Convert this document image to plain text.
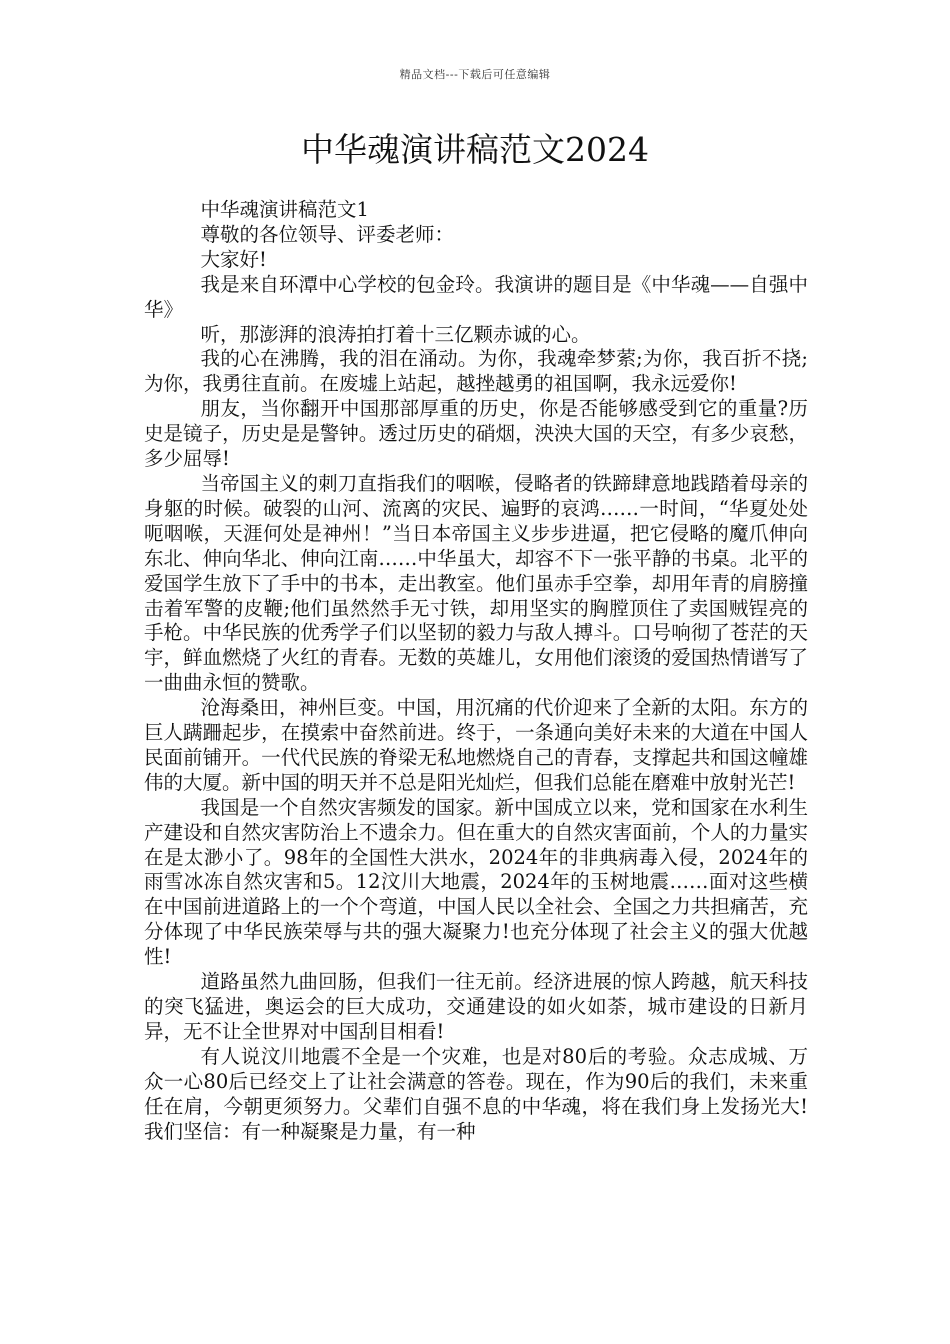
精品文档---下载后可任意编辑
中华魂演讲稿范文2024

中华魂演讲稿范文1

尊敬的各位领导、评委老师：

大家好!

我是来自环潭中心学校的包金玲。我演讲的题目是《中华魂——自强中华》

听，那澎湃的浪涛拍打着十三亿颗赤诚的心。

我的心在沸腾，我的泪在涌动。为你，我魂牵梦萦;为你，我百折不挠;为你，我勇往直前。在废墟上站起，越挫越勇的祖国啊，我永远爱你!

朋友，当你翻开中国那部厚重的历史，你是否能够感受到它的重量?历史是镜子，历史是是警钟。透过历史的硝烟，泱泱大国的天空，有多少哀愁，多少屈辱!

当帝国主义的刺刀直指我们的咽喉，侵略者的铁蹄肆意地践踏着母亲的身躯的时候。破裂的山河、流离的灾民、遍野的哀鸿……一时间，“华夏处处呃咽喉，天涯何处是神州！”当日本帝国主义步步进逼，把它侵略的魔爪伸向东北、伸向华北、伸向江南……中华虽大，却容不下一张平静的书桌。北平的爱国学生放下了手中的书本，走出教室。他们虽赤手空拳，却用年青的肩膀撞击着军警的皮鞭;他们虽然然手无寸铁，却用坚实的胸膛顶住了卖国贼锃亮的手枪。中华民族的优秀学子们以坚韧的毅力与敌人搏斗。口号响彻了苍茫的天宇，鲜血燃烧了火红的青春。无数的英雄儿，女用他们滚烫的爱国热情谱写了一曲曲永恒的赞歌。

沧海桑田，神州巨变。中国，用沉痛的代价迎来了全新的太阳。东方的巨人蹒跚起步，在摸索中奋然前进。终于，一条通向美好未来的大道在中国人民面前铺开。一代代民族的脊梁无私地燃烧自己的青春，支撑起共和国这幢雄伟的大厦。新中国的明天并不总是阳光灿烂，但我们总能在磨难中放射光芒!

我国是一个自然灾害频发的国家。新中国成立以来，党和国家在水利生产建设和自然灾害防治上不遗余力。但在重大的自然灾害面前，个人的力量实在是太渺小了。98年的全国性大洪水，2024年的非典病毒入侵，2024年的雨雪冰冻自然灾害和5。12汶川大地震，2024年的玉树地震……面对这些横在中国前进道路上的一个个弯道，中国人民以全社会、全国之力共担痛苦，充分体现了中华民族荣辱与共的强大凝聚力!也充分体现了社会主义的强大优越性!

道路虽然九曲回肠，但我们一往无前。经济进展的惊人跨越，航天科技的突飞猛进，奥运会的巨大成功，交通建设的如火如荼，城市建设的日新月异，无不让全世界对中国刮目相看!

有人说汶川地震不全是一个灾难，也是对80后的考验。众志成城、万众一心80后已经交上了让社会满意的答卷。现在，作为90后的我们，未来重任在肩，今朝更须努力。父辈们自强不息的中华魂，将在我们身上发扬光大!我们坚信：有一种凝聚是力量，有一种
